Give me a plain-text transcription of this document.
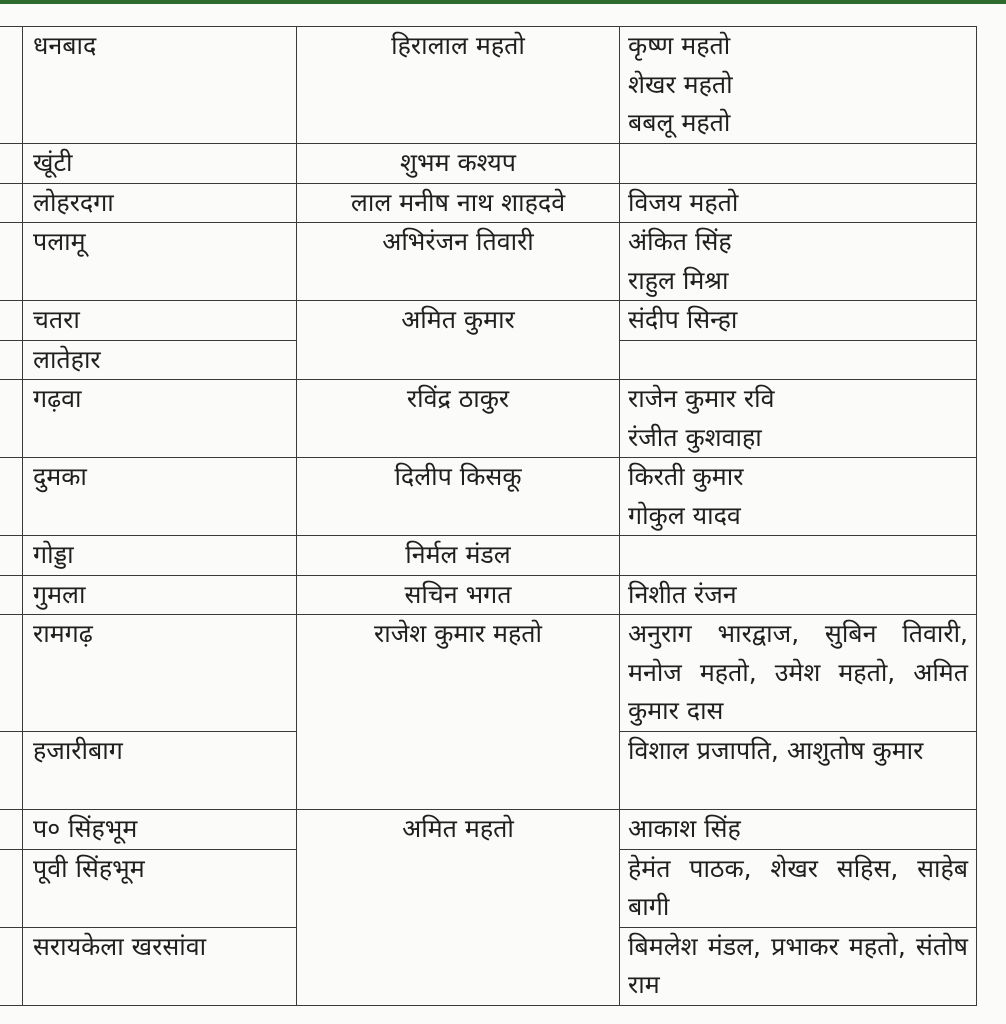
	धनबाद	हिरालाल महतो	कृष्ण महतो
शेखर महतो
बबलू महतो

	खूंटी	शुभम कश्यप	
	लोहरदगा	लाल मनीष नाथ शाहदवे	विजय महतो

	पलामू	अभिरंजन तिवारी	अंकित सिंह
राहुल मिश्रा

	चतरा	अमित कुमार	संदीप सिन्हा

	लातेहार		
	गढ़वा	रविंद्र ठाकुर	राजेन कुमार रवि
रंजीत कुशवाहा

	दुमका	दिलीप किसकू	किरती कुमार
गोकुल यादव

	गोड्डा	निर्मल मंडल	
	गुमला	सचिन भगत	निशीत रंजन

	रामगढ़	राजेश कुमार महतो	अनुराग भारद्वाज, सुबिन तिवारी, मनोज महतो, उमेश महतो, अमित कुमार दास
	हजारीबाग		विशाल प्रजापति, आशुतोष कुमार
	प० सिंहभूम	अमित महतो	आकाश सिंह

	पूवी सिंहभूम		हेमंत पाठक, शेखर सहिस, साहेब बागी
	सरायकेला खरसांवा		बिमलेश मंडल, प्रभाकर महतो, संतोष राम
